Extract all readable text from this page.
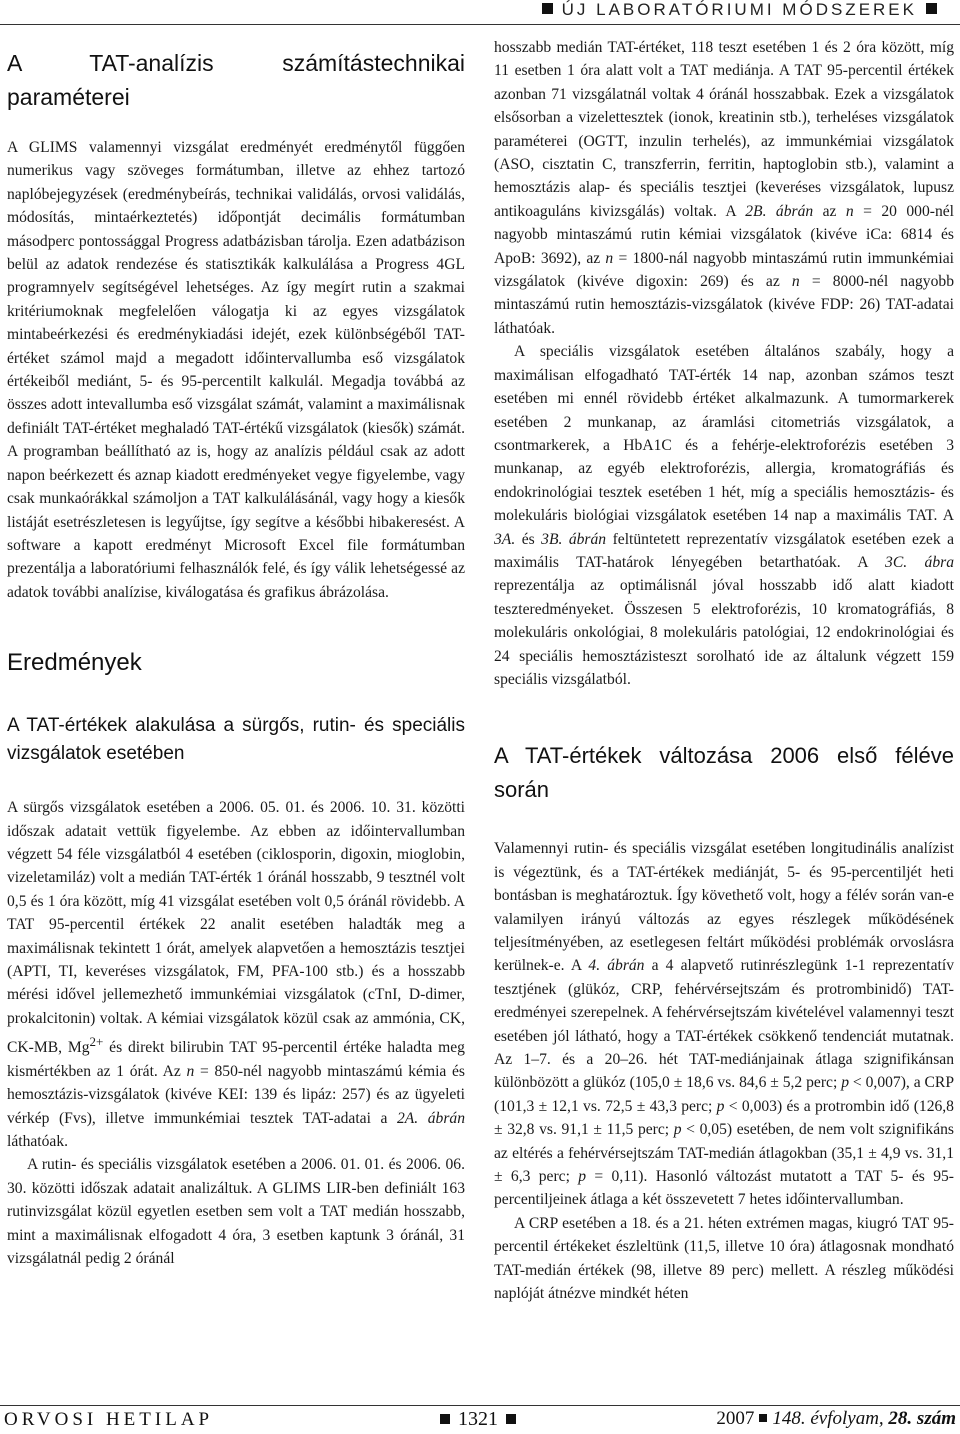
ÚJ LABORATÓRIUMI MÓDSZEREK
A TAT-analízis számítástechnikai paraméterei

A GLIMS valamennyi vizsgálat eredményét eredménytől függően numerikus vagy szöveges formátumban, illetve az ehhez tartozó naplóbejegyzések (eredménybeírás, technikai validálás, orvosi validálás, módosítás, mintaérkeztetés) időpontját decimális formátumban másodperc pontossággal Progress adatbázisban tárolja. Ezen adatbázison belül az adatok rendezése és statisztikák kalkulálása a Progress 4GL programnyelv segítségével lehetséges. Az így megírt rutin a szakmai kritériumoknak megfelelően válogatja ki az egyes vizsgálatok mintabeérkezési és eredménykiadási idejét, ezek különbségéből TAT-értéket számol majd a megadott időintervallumba eső vizsgálatok értékeiből mediánt, 5- és 95-percentilt kalkulál. Megadja továbbá az összes adott intevallumba eső vizsgálat számát, valamint a maximálisnak definiált TAT-értéket meghaladó TAT-értékű vizsgálatok (kiesők) számát. A programban beállítható az is, hogy az analízis például csak az adott napon beérkezett és aznap kiadott eredményeket vegye figyelembe, vagy csak munkaórákkal számoljon a TAT kalkulálásánál, vagy hogy a kiesők listáját esetrészletesen is legyűjtse, így segítve a későbbi hibakeresést. A software a kapott eredményt Microsoft Excel file formátumban prezentálja a laboratóriumi felhasználók felé, és így válik lehetségessé az adatok további analízise, kiválogatása és grafikus ábrázolása.

Eredmények
A TAT-értékek alakulása a sürgős, rutin- és speciális vizsgálatok esetében

A sürgős vizsgálatok esetében a 2006. 05. 01. és 2006. 10. 31. közötti időszak adatait vettük figyelembe. Az ebben az időintervallumban végzett 54 féle vizsgálatból 4 esetében (ciklosporin, digoxin, mioglobin, vizeletamiláz) volt a medián TAT-érték 1 óránál hosszabb, 9 tesztnél volt 0,5 és 1 óra között, míg 41 vizsgálat esetében volt 0,5 óránál rövidebb. A TAT 95-percentil értékek 22 analit esetében haladták meg a maximálisnak tekintett 1 órát, amelyek alapvetően a hemosztázis tesztjei (APTI, TI, keveréses vizsgálatok, FM, PFA-100 stb.) és a hosszabb mérési idővel jellemezhető immunkémiai vizsgálatok (cTnI, D-dimer, prokalcitonin) voltak. A kémiai vizsgálatok közül csak az ammónia, CK, CK-MB, $Mg^{2+}$ és direkt bilirubin TAT 95-percentil értéke haladta meg kismértékben az 1 órát. Az n = 850-nél nagyobb mintaszámú kémia és hemosztázis-vizsgálatok (kivéve KEI: 139 és lipáz: 257) és az ügyeleti vérkép (Fvs), illetve immunkémiai tesztek TAT-adatai a 2A. ábrán láthatóak.

A rutin- és speciális vizsgálatok esetében a 2006. 01. 01. és 2006. 06. 30. közötti időszak adatait analizáltuk. A GLIMS LIR-ben definiált 163 rutinvizsgálat közül egyetlen esetben sem volt a TAT medián hosszabb, mint a maximálisnak elfogadott 4 óra, 3 esetben kaptunk 3 óránál, 31 vizsgálatnál pedig 2 óránál

hosszabb medián TAT-értéket, 118 teszt esetében 1 és 2 óra között, míg 11 esetben 1 óra alatt volt a TAT mediánja. A TAT 95-percentil értékek azonban 71 vizsgálatnál voltak 4 óránál hosszabbak. Ezek a vizsgálatok elsősorban a vizelettesztek (ionok, kreatinin stb.), terheléses vizsgálatok paraméterei (OGTT, inzulin terhelés), az immunkémiai vizsgálatok (ASO, cisztatin C, transzferrin, ferritin, haptoglobin stb.), valamint a hemosztázis alap- és speciális tesztjei (keveréses vizsgálatok, lupusz antikoaguláns kivizsgálás) voltak. A 2B. ábrán az n = 20 000-nél nagyobb mintaszámú rutin kémiai vizsgálatok (kivéve iCa: 6814 és ApoB: 3692), az n = 1800-nál nagyobb mintaszámú rutin immunkémiai vizsgálatok (kivéve digoxin: 269) és az n = 8000-nél nagyobb mintaszámú rutin hemosztázis-vizsgálatok (kivéve FDP: 26) TAT-adatai láthatóak.

A speciális vizsgálatok esetében általános szabály, hogy a maximálisan elfogadható TAT-érték 14 nap, azonban számos teszt esetében mi ennél rövidebb értéket alkalmazunk. A tumormarkerek esetében 2 munkanap, az áramlási citometriás vizsgálatok, a csontmarkerek, a HbA1C és a fehérje-elektroforézis esetében 3 munkanap, az egyéb elektroforézis, allergia, kromatográfiás és endokrinológiai tesztek esetében 1 hét, míg a speciális hemosztázis- és molekuláris biológiai vizsgálatok esetében 14 nap a maximális TAT. A 3A. és 3B. ábrán feltüntetett reprezentatív vizsgálatok esetében ezek a maximális TAT-határok lényegében betarthatóak. A 3C. ábra reprezentálja az optimálisnál jóval hosszabb idő alatt kiadott teszteredményeket. Összesen 5 elektroforézis, 10 kromatográfiás, 8 molekuláris onkológiai, 8 molekuláris patológiai, 12 endokrinológiai és 24 speciális hemosztázisteszt sorolható ide az általunk végzett 159 speciális vizsgálatból.

A TAT-értékek változása 2006 első féléve során

Valamennyi rutin- és speciális vizsgálat esetében longitudinális analízist is végeztünk, és a TAT-értékek mediánját, 5- és 95-percentiljét heti bontásban is meghatároztuk. Így követhető volt, hogy a félév során van-e valamilyen irányú változás az egyes részlegek működésének teljesítményében, az esetlegesen feltárt működési problémák orvoslásra kerülnek-e. A 4. ábrán a 4 alapvető rutinrészlegünk 1-1 reprezentatív tesztjének (glükóz, CRP, fehérvérsejtszám és protrombinidő) TAT-eredményei szerepelnek. A fehérvérsejtszám kivételével valamennyi teszt esetében jól látható, hogy a TAT-értékek csökkenő tendenciát mutatnak. Az 1–7. és a 20–26. hét TAT-mediánjainak átlaga szignifikánsan különbözött a glükóz (105,0 ± 18,6 vs. 84,6 ± 5,2 perc; p < 0,007), a CRP (101,3 ± 12,1 vs. 72,5 ± 43,3 perc; p < 0,003) és a protrombin idő (126,8 ± 32,8 vs. 91,1 ± 11,5 perc; p < 0,05) esetében, de nem volt szignifikáns az eltérés a fehérvérsejtszám TAT-medián átlagokban (35,1 ± 4,9 vs. 31,1 ± 6,3 perc; p = 0,11). Hasonló változást mutatott a TAT 5- és 95-percentiljeinek átlaga a két összevetett 7 hetes időintervallumban.

A CRP esetében a 18. és a 21. héten extrémen magas, kiugró TAT 95-percentil értékeket észleltünk (11,5, illetve 10 óra) átlagosnak mondható TAT-medián értékek (98, illetve 89 perc) mellett. A részleg működési naplóját átnézve mindkét héten

ORVOSI HETILAP	1321	2007 148. évfolyam, 28. szám
